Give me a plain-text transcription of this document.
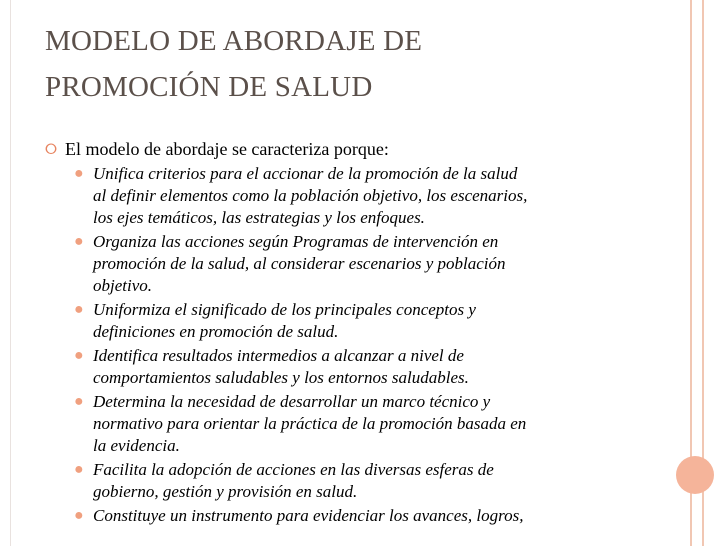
MODELO DE ABORDAJE DE
PROMOCIÓN DE SALUD
⭘ El modelo de abordaje se caracteriza porque:
● Unifica criterios para el accionar de la promoción de la salud
al definir elementos como la población objetivo, los escenarios,
los ejes temáticos, las estrategias y los enfoques.
● Organiza las acciones según Programas de intervención en
promoción de la salud, al considerar escenarios y población
objetivo.
● Uniformiza el significado de los principales conceptos y
definiciones en promoción de salud.
● Identifica resultados intermedios a alcanzar a nivel de
comportamientos saludables y los entornos saludables.
● Determina la necesidad de desarrollar un marco técnico y
normativo para orientar la práctica de la promoción basada en
la evidencia.
● Facilita la adopción de acciones en las diversas esferas de
gobierno, gestión y provisión en salud.
● Constituye un instrumento para evidenciar los avances, logros,
